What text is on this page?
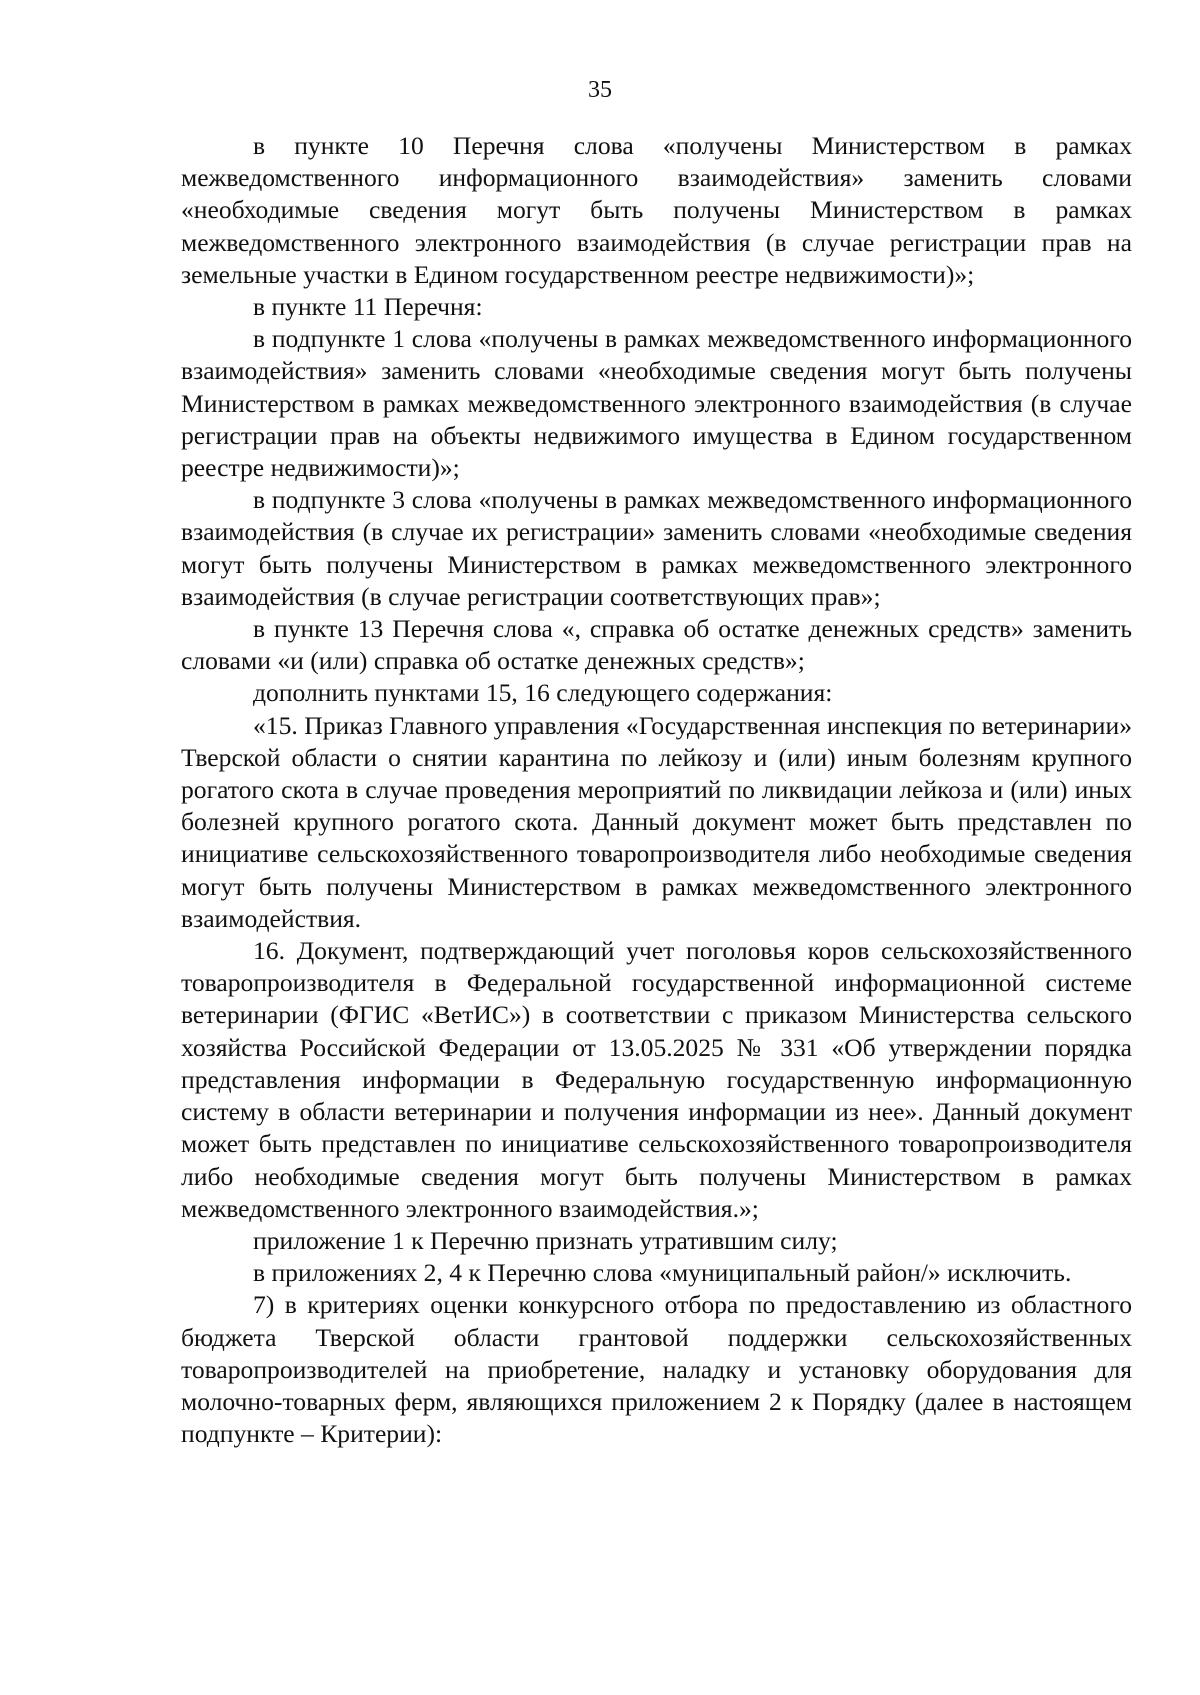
35

в пункте 10 Перечня слова «получены Министерством в рамках межведомственного информационного взаимодействия» заменить словами «необходимые сведения могут быть получены Министерством в рамках межведомственного электронного взаимодействия (в случае регистрации прав на земельные участки в Едином государственном реестре недвижимости)»;

в пункте 11 Перечня:

в подпункте 1 слова «получены в рамках межведомственного информационного взаимодействия» заменить словами «необходимые сведения могут быть получены Министерством в рамках межведомственного электронного взаимодействия (в случае регистрации прав на объекты недвижимого имущества в Едином государственном реестре недвижимости)»;

в подпункте 3 слова «получены в рамках межведомственного информационного взаимодействия (в случае их регистрации» заменить словами «необходимые сведения могут быть получены Министерством в рамках межведомственного электронного взаимодействия (в случае регистрации соответствующих прав»;

в пункте 13 Перечня слова «, справка об остатке денежных средств» заменить словами «и (или) справка об остатке денежных средств»;

дополнить пунктами 15, 16 следующего содержания:

«15. Приказ Главного управления «Государственная инспекция по ветеринарии» Тверской области о снятии карантина по лейкозу и (или) иным болезням крупного рогатого скота в случае проведения мероприятий по ликвидации лейкоза и (или) иных болезней крупного рогатого скота. Данный документ может быть представлен по инициативе сельскохозяйственного товаропроизводителя либо необходимые сведения могут быть получены Министерством в рамках межведомственного электронного взаимодействия.

16. Документ, подтверждающий учет поголовья коров сельскохозяйственного товаропроизводителя в Федеральной государственной информационной системе ветеринарии (ФГИС «ВетИС») в соответствии с приказом Министерства сельского хозяйства Российской Федерации от 13.05.2025 № 331 «Об утверждении порядка представления информации в Федеральную государственную информационную систему в области ветеринарии и получения информации из нее». Данный документ может быть представлен по инициативе сельскохозяйственного товаропроизводителя либо необходимые сведения могут быть получены Министерством в рамках межведомственного электронного взаимодействия.»;

приложение 1 к Перечню признать утратившим силу;

в приложениях 2, 4 к Перечню слова «муниципальный район/» исключить.

7) в критериях оценки конкурсного отбора по предоставлению из областного бюджета Тверской области грантовой поддержки сельскохозяйственных товаропроизводителей на приобретение, наладку и установку оборудования для молочно-товарных ферм, являющихся приложением 2 к Порядку (далее в настоящем подпункте – Критерии):
